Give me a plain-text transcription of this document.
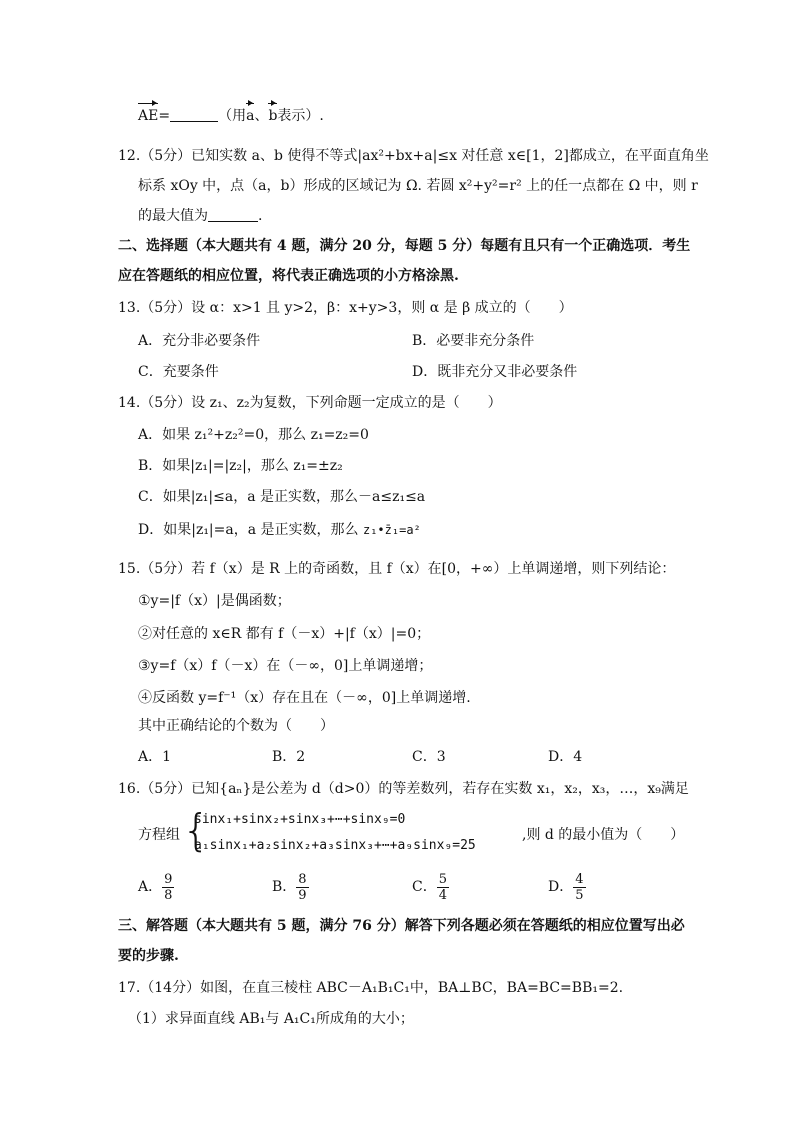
AE=	（用a、b表示）.
12.（5分）已知实数 a、b 使得不等式|ax²+bx+a|≤x 对任意 x∈[1，2]都成立，在平面直角坐
标系 xOy 中，点（a，b）形成的区域记为 Ω. 若圆 x²+y²=r² 上的任一点都在 Ω 中，则 r
的最大值为	.
二、选择题（本大题共有 4 题，满分 20 分，每题 5 分）每题有且只有一个正确选项．考生
应在答题纸的相应位置，将代表正确选项的小方格涂黑.
13.（5分）设 α：x>1 且 y>2，β：x+y>3，则 α 是 β 成立的（　　）
A．充分非必要条件	B．必要非充分条件
C．充要条件	D．既非充分又非必要条件
14.（5分）设 z₁、z₂为复数，下列命题一定成立的是（　　）
A．如果 z₁²+z₂²=0，那么 z₁=z₂=0
B．如果|z₁|=|z₂|，那么 z₁=±z₂
C．如果|z₁|≤a，a 是正实数，那么－a≤z₁≤a
D．如果|z₁|=a，a 是正实数，那么 z₁•z̄₁=a²
15.（5分）若 f（x）是 R 上的奇函数，且 f（x）在[0，+∞）上单调递增，则下列结论：
①y=|f（x）|是偶函数；
②对任意的 x∈R 都有 f（－x）+|f（x）|=0；
③y=f（x）f（－x）在（－∞，0]上单调递增；
④反函数 y=f⁻¹（x）存在且在（－∞，0]上单调递增.
其中正确结论的个数为（　　）
A．1	B．2	C．3	D．4
16.（5分）已知{aₙ}是公差为 d（d>0）的等差数列，若存在实数 x₁，x₂，x₃，…，x₉满足
方程组 {
sinx₁+sinx₂+sinx₃+⋯+sinx₉=0
a₁sinx₁+a₂sinx₂+a₃sinx₃+⋯+a₉sinx₉=25
,则 d 的最小值为（　　）
A． $\frac{9}{8}$	B． $\frac{8}{9}$	C． $\frac{5}{4}$	D． $\frac{4}{5}$
三、解答题（本大题共有 5 题，满分 76 分）解答下列各题必须在答题纸的相应位置写出必
要的步骤.
17.（14分）如图，在直三棱柱 ABC－A₁B₁C₁中，BA⊥BC，BA=BC=BB₁=2.
（1）求异面直线 AB₁与 A₁C₁所成角的大小；
